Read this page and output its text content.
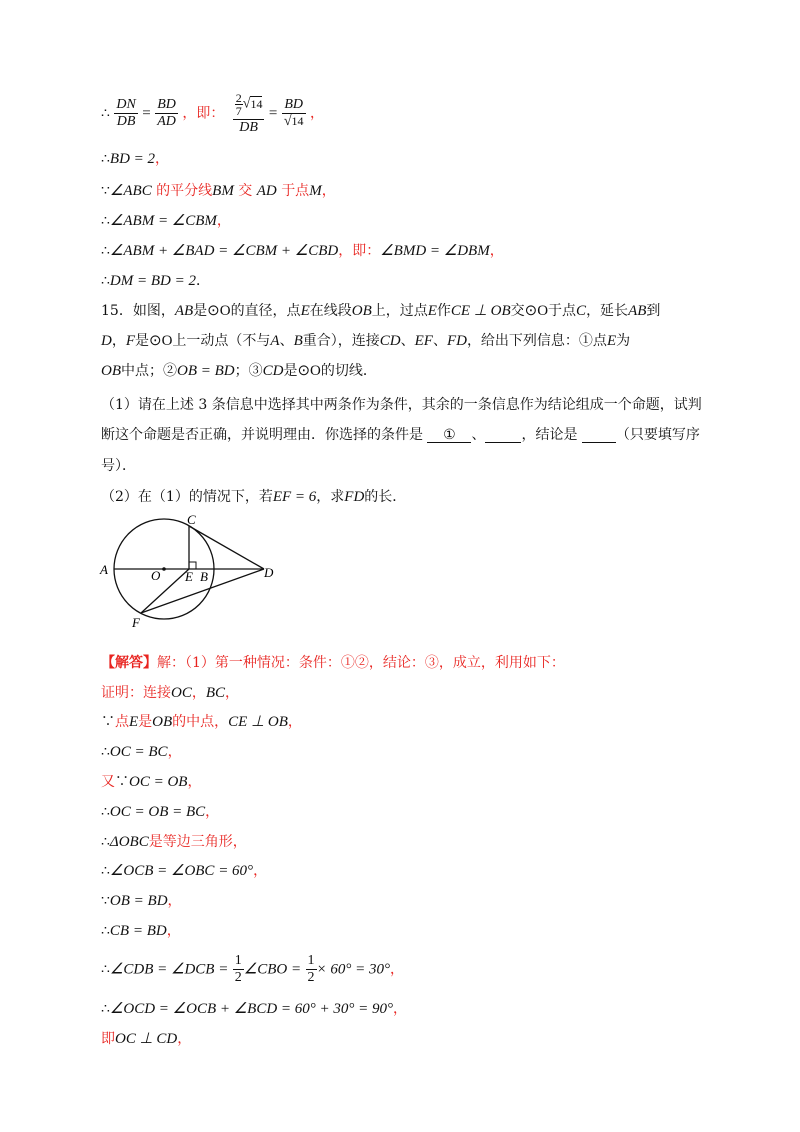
∴ $\frac{DN}{DB} = \frac{BD}{AD}$ ，即： $\frac{\frac{2}{7} √14}{DB} = \frac{BD}{√14}$ ，
∴BD = 2，
∵∠ABC 的平分线BM 交 AD 于点M，
∴∠ABM = ∠CBM，
∴∠ABM + ∠BAD = ∠CBM + ∠CBD，即：∠BMD = ∠DBM，
∴DM = BD = 2．
15．如图，AB是⊙O的直径，点E在线段OB上，过点E作CE ⊥ OB交⊙O于点C，延长AB到
D，F是⊙O上一动点（不与A、B重合），连接CD、EF、FD，给出下列信息：①点E为
OB中点；②OB = BD；③CD是⊙O的切线．
（1）请在上述 3 条信息中选择其中两条作为条件，其余的一条信息作为结论组成一个命题，试判
断这个命题是否正确，并说明理由．你选择的条件是 ① 、	，结论是	（只要填写序
号）．
（2）在（1）的情况下，若EF = 6，求FD的长．
A	O E B	D
C
F
【解答】解：（1）第一种情况：条件：①②，结论：③，成立，利用如下：
证明：连接OC，BC，
∵点E是OB的中点，CE ⊥ OB，
∴OC = BC，
又∵OC = OB，
∴OC = OB = BC，
∴ΔOBC是等边三角形，
∴∠OCB = ∠OBC = 60°，
∵OB = BD，
∴CB = BD，
∴∠CDB = ∠DCB = $\frac{1}{2}$ ∠CBO = $\frac{1}{2} \times 60^\circ = 30^\circ$，
∴∠OCD = ∠OCB + ∠BCD = 60° + 30° = 90°，
即OC ⊥ CD，
